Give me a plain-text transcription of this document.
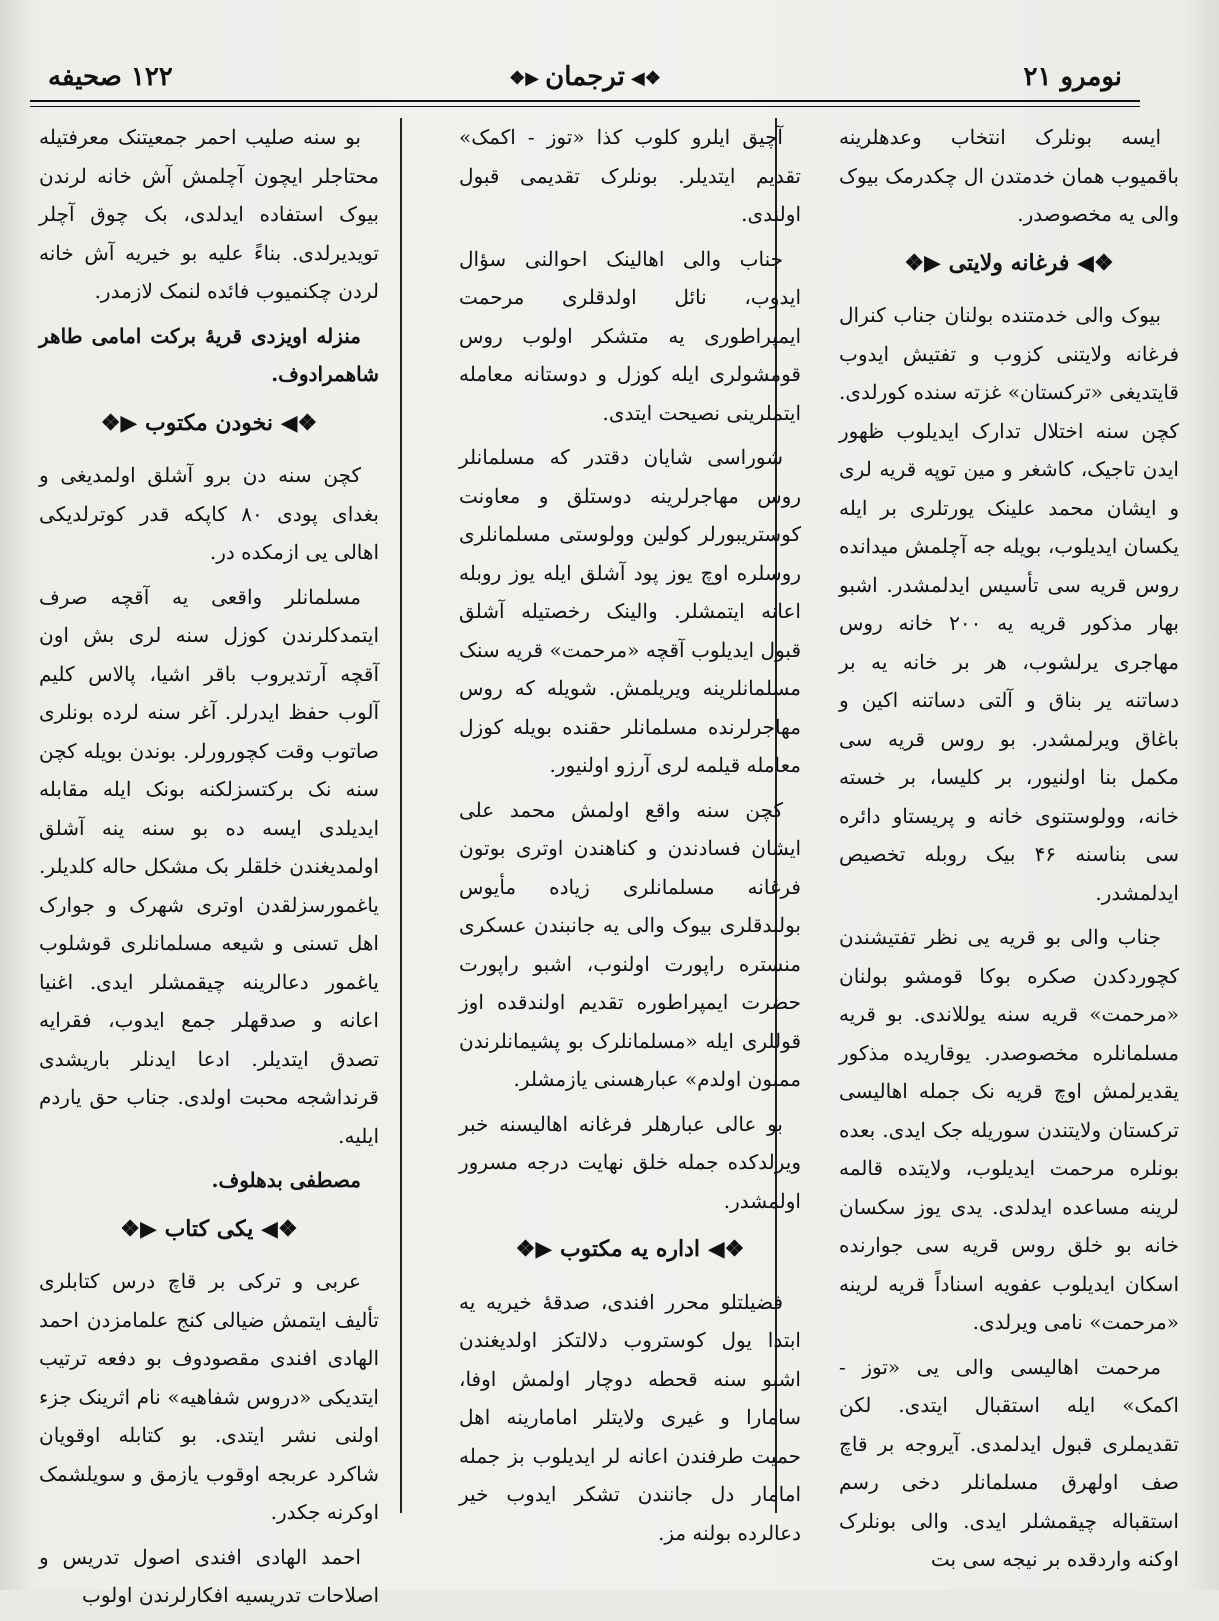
نومرو ۲۱
❖◀ترجمان▶❖
۱۲۲ صحیفه

ایسه بونلرک انتخاب وعدهلرینه باقمیوب همان خدمتدن ال چکدرمک بیوک والی یه مخصوصدر.

❖◀ فرغانه ولایتی ▶❖

بیوک والی خدمتنده بولنان جناب کنرال فرغانه ولایتنی کزوب و تفتیش ایدوب قایتدیغی «ترکستان» غزته سنده کورلدی. کچن سنه اختلال تدارک ایدیلوب ظهور ایدن تاجیک، کاشغر و مین توپه قریه لری و ایشان محمد علینک یورتلری بر ایله یکسان ایدیلوب، بویله جه آچلمش میدانده روس قریه سی تأسیس ایدلمشدر. اشبو بهار مذکور قریه یه ۲۰۰ خانه روس مهاجری یرلشوب، هر بر خانه یه بر دساتنه یر بناق و آلتی دساتنه اکین و باغاق ویرلمشدر. بو روس قریه سی مکمل بنا اولنیور، بر کلیسا، بر خسته خانه، وولوستنوی خانه و پریستاو دائره سی بناسنه ۴۶ بیک روبله تخصیص ایدلمشدر.

جناب والی بو قریه یی نظر تفتیشندن کچوردکدن صکره بوکا قومشو بولنان «مرحمت» قریه سنه یوللاندی. بو قریه مسلمانلره مخصوصدر. یوقاریده مذکور یقدیرلمش اوچ قریه نک جمله اهالیسی ترکستان ولایتندن سوریله جک ایدی. بعده بونلره مرحمت ایدیلوب، ولایتده قالمه لرینه مساعده ایدلدی. یدی یوز سکسان خانه بو خلق روس قریه سی جوارنده اسکان ایدیلوب عفویه اسناداً قریه لرینه «مرحمت» نامی ویرلدی.

مرحمت اهالیسی والی یی «توز - اکمک» ایله استقبال ایتدی. لکن تقدیملری قبول ایدلمدی. آیروجه بر قاچ صف اولهرق مسلمانلر دخی رسم استقباله چیقمشلر ایدی. والی بونلرک اوکنه واردقده بر نیجه سی بت

آچیق ایلرو کلوب کذا «توز - اکمک» تقدیم ایتدیلر. بونلرک تقدیمی قبول اولندی.

جناب والی اهالینک احوالنی سؤال ایدوب، نائل اولدقلری مرحمت ایمپراطوری یه متشکر اولوب روس قومشولری ایله کوزل و دوستانه معامله ایتملرینی نصیحت ایتدی.

شوراسی شایان دقتدر که مسلمانلر روس مهاجرلرینه دوستلق و معاونت کوستریبورلر کولین وولوستی مسلمانلری روسلره اوچ یوز پود آشلق ایله یوز روبله اعانه ایتمشلر. والینک رخصتیله آشلق قبول ایدیلوب آقچه «مرحمت» قریه سنک مسلمانلرینه ویریلمش. شویله که روس مهاجرلرنده مسلمانلر حقنده بویله کوزل معامله قیلمه لری آرزو اولنیور.

کچن سنه واقع اولمش محمد علی ایشان فسادندن و کناهندن اوتری بوتون فرغانه مسلمانلری زیاده مأیوس بولندقلری بیوک والی یه جانبندن عسکری منستره راپورت اولنوب، اشبو راپورت حضرت ایمپراطوره تقدیم اولندقده اوز قوللری ایله «مسلمانلرک بو پشیمانلرندن ممنون اولدم» عبارهسنی یازمشلر.

بو عالی عبارهلر فرغانه اهالیسنه خبر ویرلدکده جمله خلق نهایت درجه مسرور اولمشدر.

❖◀ اداره یه مکتوب ▶❖

فضیلتلو محرر افندی، صدقهٔ خیریه یه ابتدا یول کوستروب دلالتکز اولدیغندن اشبو سنه قحطه دوچار اولمش اوفا، سامارا و غیری ولایتلر امامارینه اهل حمیت طرفندن اعانه لر ایدیلوب بز جمله امامار دل جانندن تشکر ایدوب خیر دعالرده بولنه مز.

بو سنه صلیب احمر جمعیتنک معرفتیله محتاجلر ایچون آچلمش آش خانه لرندن بیوک استفاده ایدلدی، بک چوق آچلر تویدیرلدی. بناءً علیه بو خیریه آش خانه لردن چکنمیوب فائده لنمک لازمدر.

منزله اویزدی قریهٔ برکت امامی طاهر شاهمرادوف.

❖◀ نخودن مکتوب ▶❖

کچن سنه دن برو آشلق اولمدیغی و بغدای پودی ۸۰ کاپکه قدر کوترلدیکی اهالی یی ازمکده در.

مسلمانلر واقعی یه آقچه صرف ایتمدکلرندن کوزل سنه لری بش اون آقچه آرتدیروب باقر اشیا، پالاس کلیم آلوب حفظ ایدرلر. آغر سنه لرده بونلری صاتوب وقت کچورورلر. بوندن بویله کچن سنه نک برکتسزلکنه بونک ایله مقابله ایدیلدی ایسه ده بو سنه ینه آشلق اولمدیغندن خلقلر بک مشکل حاله کلدیلر. یاغمورسزلقدن اوتری شهرک و جوارک اهل تسنی و شیعه مسلمانلری قوشلوب یاغمور دعالرینه چیقمشلر ایدی. اغنیا اعانه و صدقهلر جمع ایدوب، فقرایه تصدق ایتدیلر. ادعا ایدنلر باریشدی قرنداشجه محبت اولدی. جناب حق یاردم ایلیه.

مصطفی بدهلوف.

❖◀ یکی کتاب ▶❖

عربی و ترکی بر قاچ درس کتابلری تألیف ایتمش ضیالی کنج علمامزدن احمد الهادی افندی مقصودوف بو دفعه ترتیب ایتدیکی «دروس شفاهیه» نام اثرینک جزء اولنی نشر ایتدی. بو کتابله اوقویان شاکرد عربجه اوقوب یازمق و سویلشمک اوکرنه جکدر.

احمد الهادی افندی اصول تدریس و اصلاحات تدریسیه افکارلرندن اولوب
